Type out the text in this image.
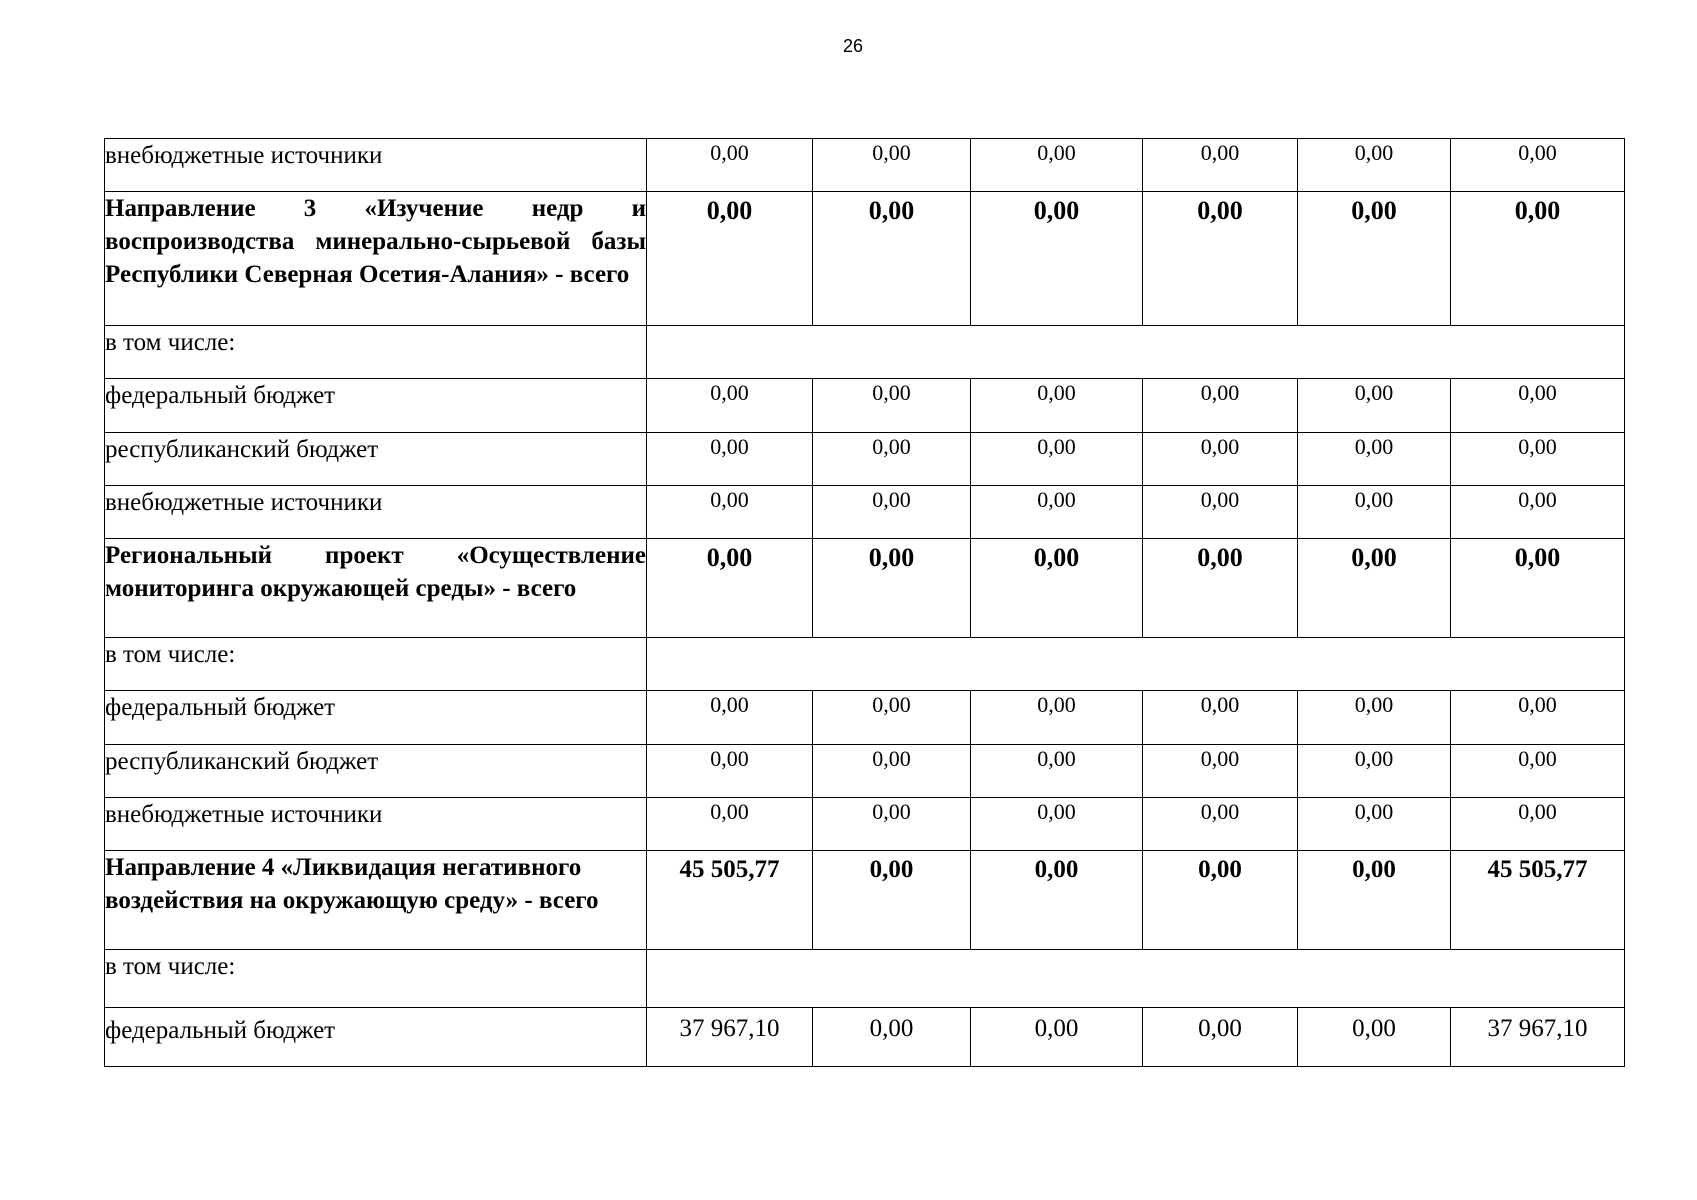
26
внебюджетные источники	0,00	0,00	0,00	0,00	0,00	0,00
Направление 3 «Изучение недр и воспроизводства минерально-сырьевой базы Республики Северная Осетия-Алания» - всего	0,00	0,00	0,00	0,00	0,00	0,00
в том числе:						
федеральный бюджет	0,00	0,00	0,00	0,00	0,00	0,00
республиканский бюджет	0,00	0,00	0,00	0,00	0,00	0,00
внебюджетные источники	0,00	0,00	0,00	0,00	0,00	0,00
Региональный проект «Осуществление мониторинга окружающей среды» - всего	0,00	0,00	0,00	0,00	0,00	0,00
в том числе:						
федеральный бюджет	0,00	0,00	0,00	0,00	0,00	0,00
республиканский бюджет	0,00	0,00	0,00	0,00	0,00	0,00
внебюджетные источники	0,00	0,00	0,00	0,00	0,00	0,00
Направление 4 «Ликвидация негативного воздействия на окружающую среду» - всего	45 505,77	0,00	0,00	0,00	0,00	45 505,77
в том числе:						
федеральный бюджет	37 967,10	0,00	0,00	0,00	0,00	37 967,10
